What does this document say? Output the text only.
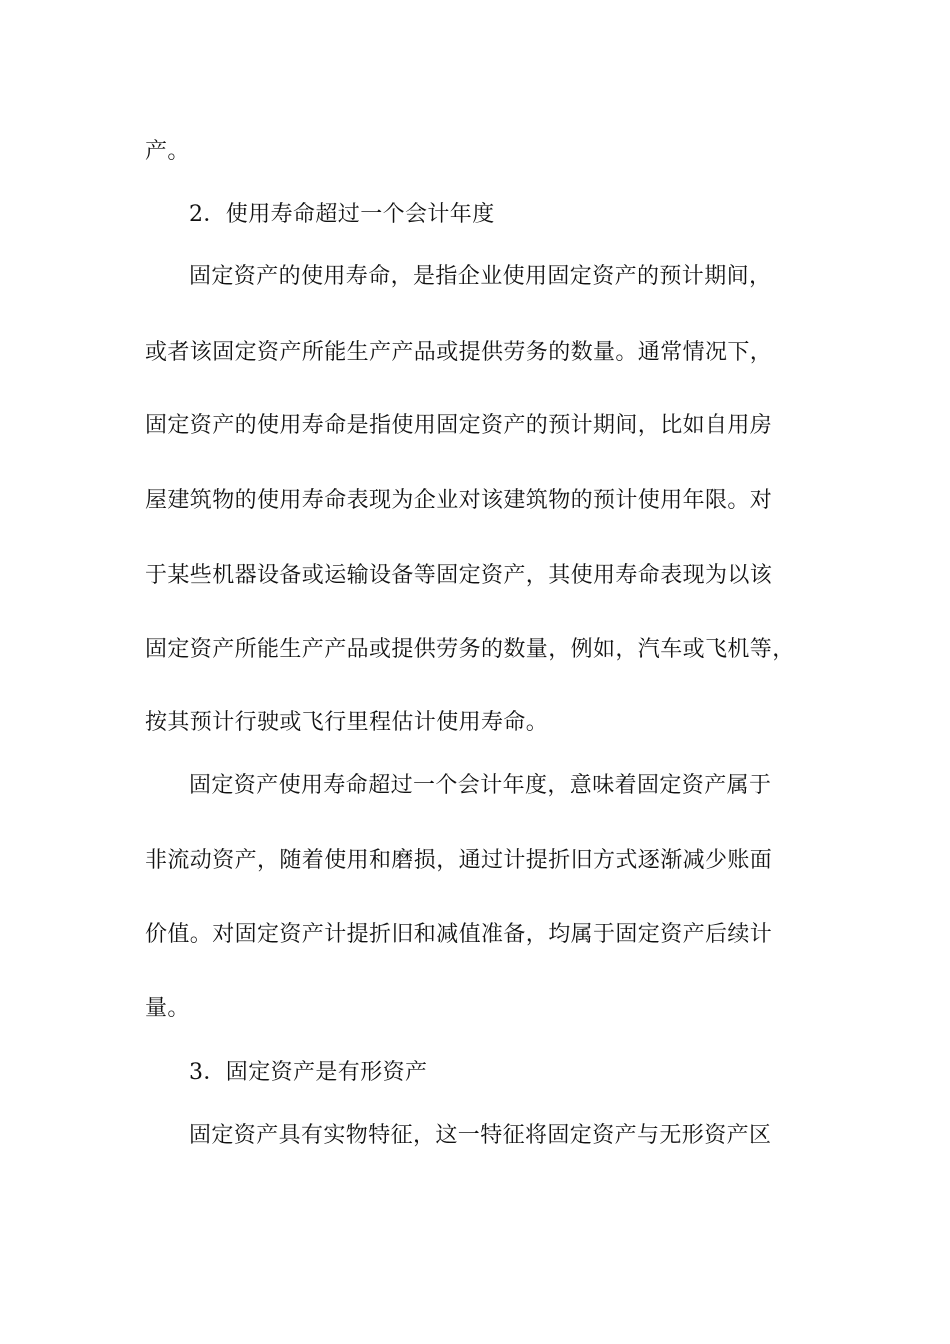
产。

2．使用寿命超过一个会计年度

固定资产的使用寿命，是指企业使用固定资产的预计期间，

或者该固定资产所能生产产品或提供劳务的数量。通常情况下，

固定资产的使用寿命是指使用固定资产的预计期间，比如自用房

屋建筑物的使用寿命表现为企业对该建筑物的预计使用年限。对

于某些机器设备或运输设备等固定资产，其使用寿命表现为以该

固定资产所能生产产品或提供劳务的数量，例如，汽车或飞机等，

按其预计行驶或飞行里程估计使用寿命。

固定资产使用寿命超过一个会计年度，意味着固定资产属于

非流动资产，随着使用和磨损，通过计提折旧方式逐渐减少账面

价值。对固定资产计提折旧和减值准备，均属于固定资产后续计

量。

3．固定资产是有形资产

固定资产具有实物特征，这一特征将固定资产与无形资产区
